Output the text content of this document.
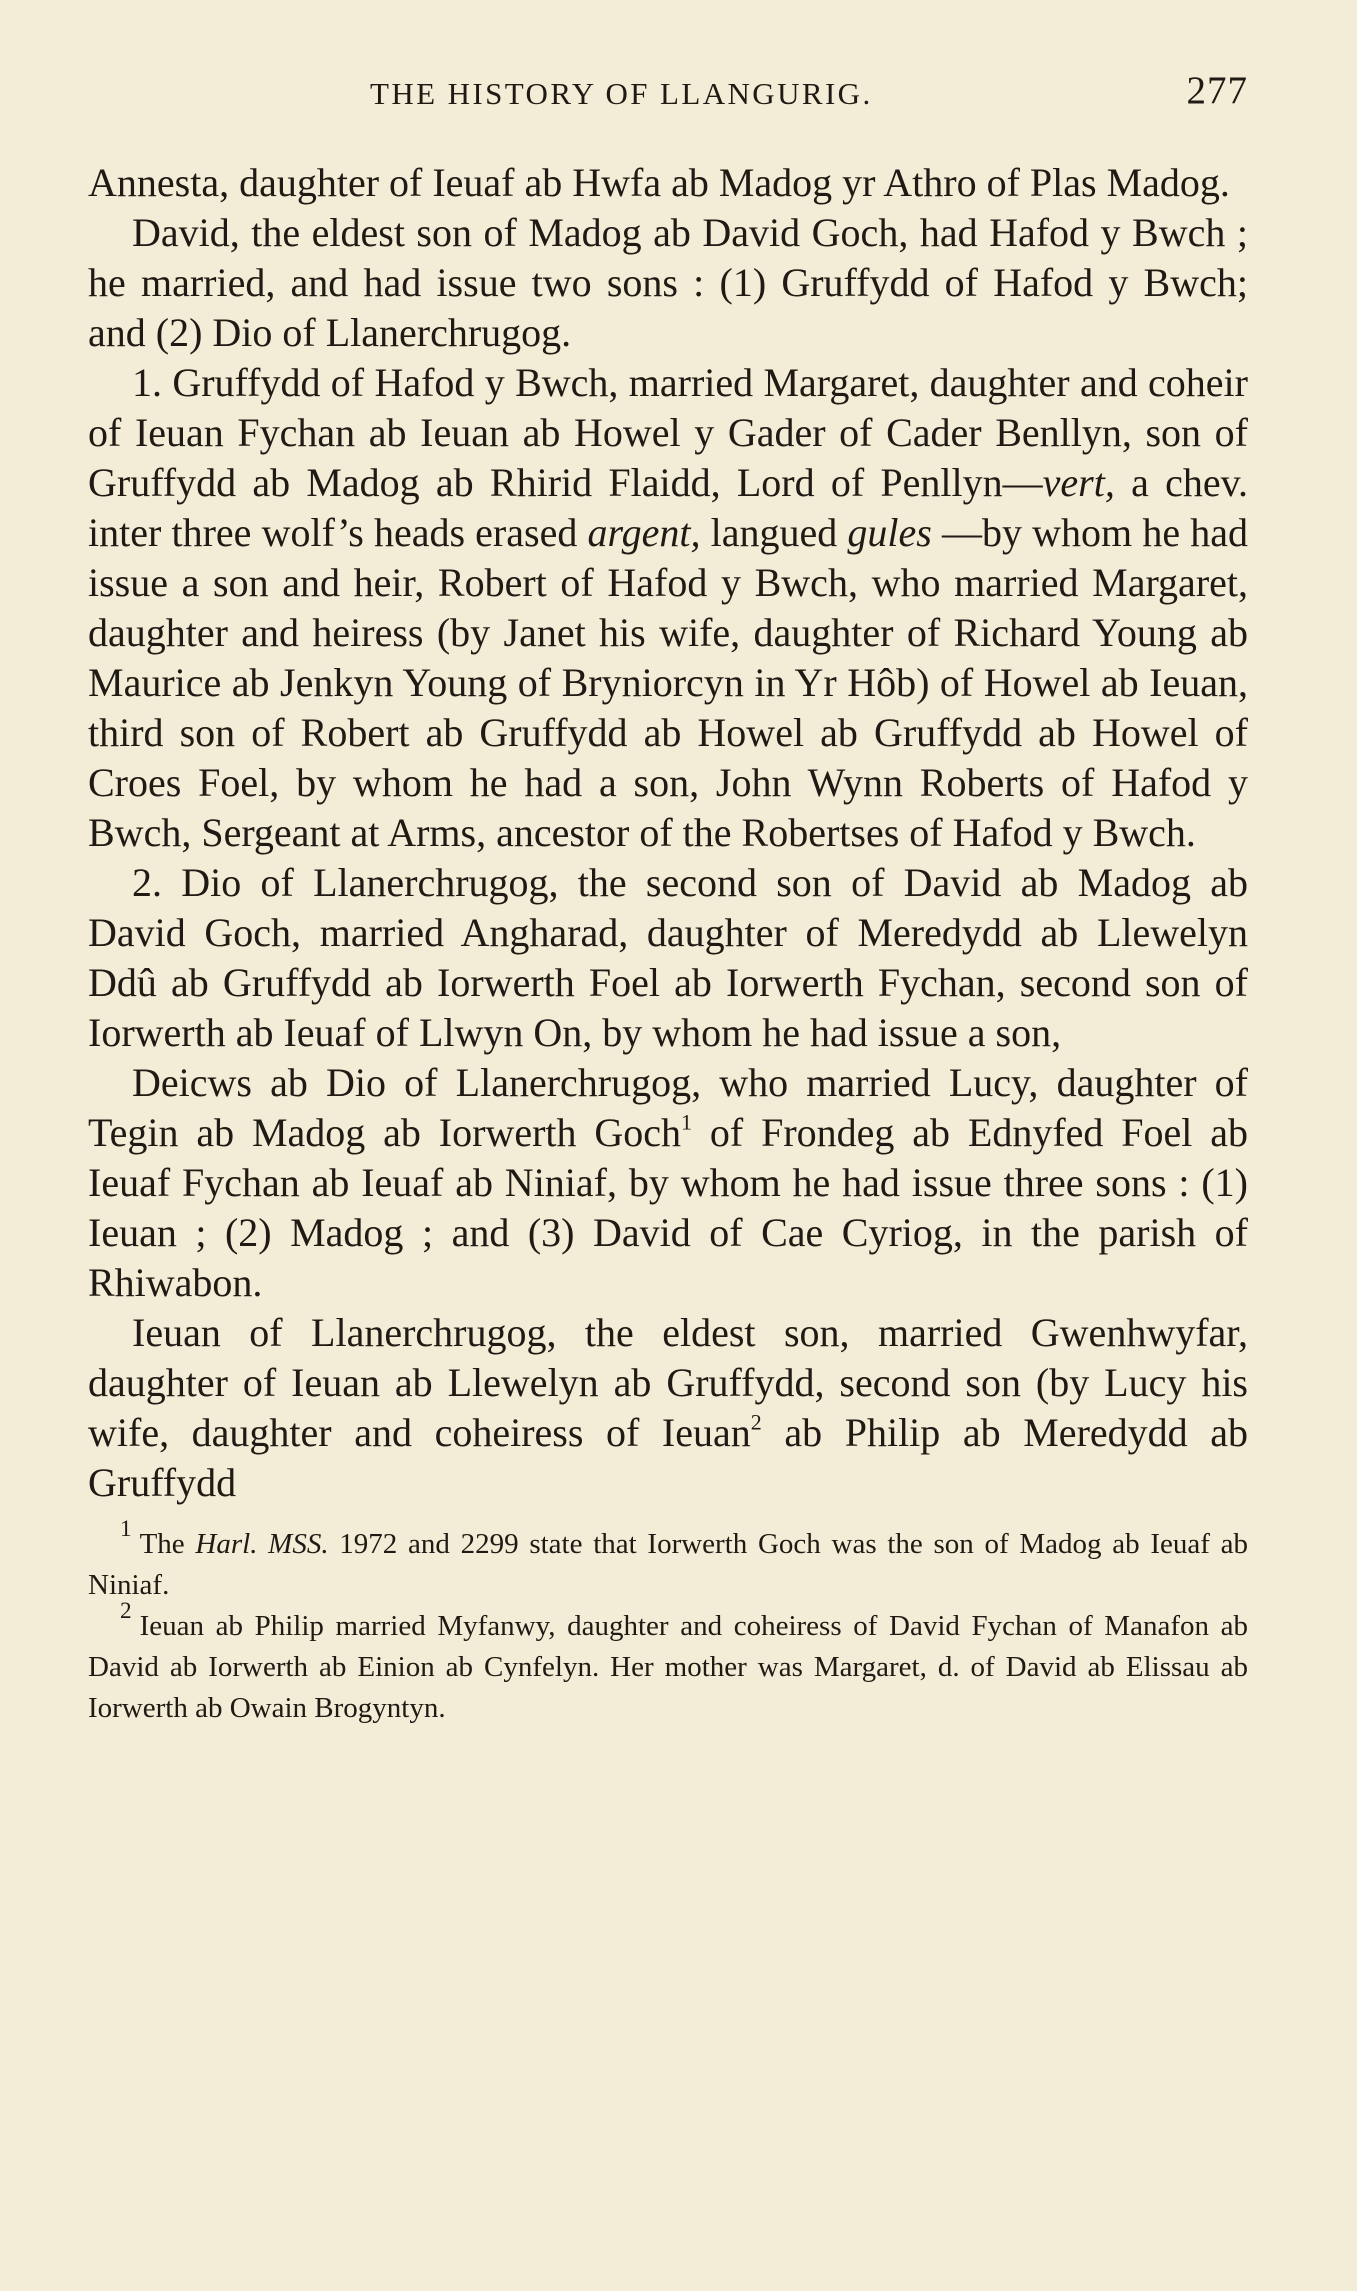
THE HISTORY OF LLANGURIG.	277

Annesta, daughter of Ieuaf ab Hwfa ab Madog yr Athro of Plas Madog.

David, the eldest son of Madog ab David Goch, had Hafod y Bwch ; he married, and had issue two sons : (1) Gruffydd of Hafod y Bwch; and (2) Dio of Llanerchrugog.

1. Gruffydd of Hafod y Bwch, married Margaret, daughter and coheir of Ieuan Fychan ab Ieuan ab Howel y Gader of Cader Benllyn, son of Gruffydd ab Madog ab Rhirid Flaidd, Lord of Penllyn—vert, a chev. inter three wolf’s heads erased argent, langued gules —by whom he had issue a son and heir, Robert of Hafod y Bwch, who married Margaret, daughter and heiress (by Janet his wife, daughter of Richard Young ab Maurice ab Jenkyn Young of Bryniorcyn in Yr Hôb) of Howel ab Ieuan, third son of Robert ab Gruffydd ab Howel ab Gruffydd ab Howel of Croes Foel, by whom he had a son, John Wynn Roberts of Hafod y Bwch, Sergeant at Arms, ancestor of the Robertses of Hafod y Bwch.

2. Dio of Llanerchrugog, the second son of David ab Madog ab David Goch, married Angharad, daughter of Meredydd ab Llewelyn Ddû ab Gruffydd ab Iorwerth Foel ab Iorwerth Fychan, second son of Iorwerth ab Ieuaf of Llwyn On, by whom he had issue a son,

Deicws ab Dio of Llanerchrugog, who married Lucy, daughter of Tegin ab Madog ab Iorwerth Goch$^1$ of Frondeg ab Ednyfed Foel ab Ieuaf Fychan ab Ieuaf ab Niniaf, by whom he had issue three sons : (1) Ieuan ; (2) Madog ; and (3) David of Cae Cyriog, in the parish of Rhiwabon.

Ieuan of Llanerchrugog, the eldest son, married Gwenhwyfar, daughter of Ieuan ab Llewelyn ab Gruffydd, second son (by Lucy his wife, daughter and coheiress of Ieuan$^2$ ab Philip ab Meredydd ab Gruffydd

$^1$ The Harl. MSS. 1972 and 2299 state that Iorwerth Goch was the son of Madog ab Ieuaf ab Niniaf.

$^2$ Ieuan ab Philip married Myfanwy, daughter and coheiress of David Fychan of Manafon ab David ab Iorwerth ab Einion ab Cynfelyn. Her mother was Margaret, d. of David ab Elissau ab Iorwerth ab Owain Brogyntyn.
